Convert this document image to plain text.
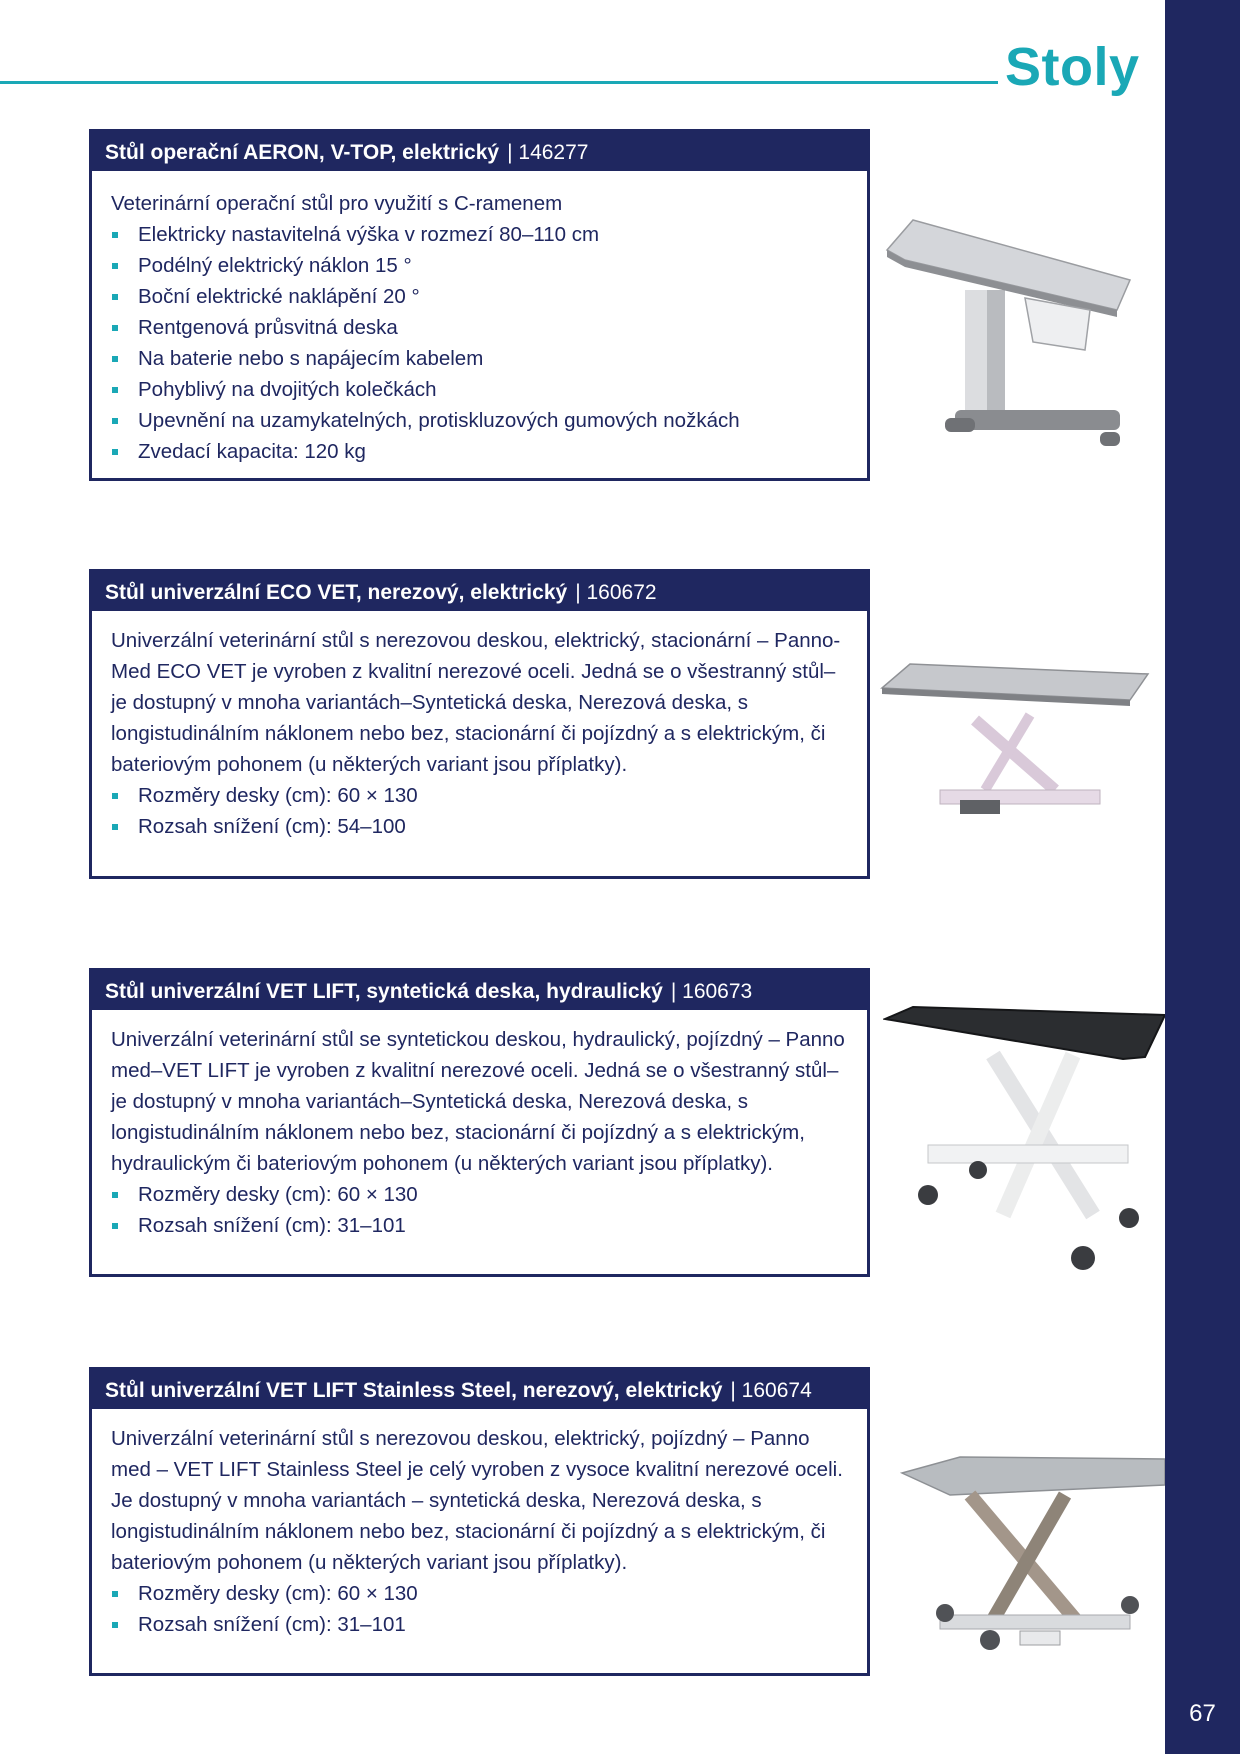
Stoly
67
Stůl operační AERON, V-TOP, elektrický | 146277

Veterinární operační stůl pro využití s C-ramenem

Elektricky nastavitelná výška v rozmezí 80–110 cm
Podélný elektrický náklon 15 °
Boční elektrické naklápění 20 °
Rentgenová průsvitná deska
Na baterie nebo s napájecím kabelem
Pohyblivý na dvojitých kolečkách
Upevnění na uzamykatelných, protiskluzových gumových nožkách
Zvedací kapacita: 120 kg
Stůl univerzální ECO VET, nerezový, elektrický | 160672

Univerzální veterinární stůl s nerezovou deskou, elektrický, stacionární – Panno-Med ECO VET je vyroben z kvalitní nerezové oceli. Jedná se o všestranný stůl–je dostupný v mnoha variantách–Syntetická deska, Nerezová deska, s longistudinálním náklonem nebo bez, stacionární či pojízdný a s elektrickým, či bateriovým pohonem (u některých variant jsou příplatky).

Rozměry desky (cm): 60 × 130
Rozsah snížení (cm): 54–100
Stůl univerzální VET LIFT, syntetická deska, hydraulický | 160673

Univerzální veterinární stůl se syntetickou deskou, hydraulický, pojízdný – Panno med–VET LIFT je vyroben z kvalitní nerezové oceli. Jedná se o všestranný stůl–je dostupný v mnoha variantách–Syntetická deska, Nerezová deska, s longistudinálním náklonem nebo bez, stacionární či pojízdný a s elektrickým, hydraulickým či bateriovým pohonem (u některých variant jsou příplatky).

Rozměry desky (cm): 60 × 130
Rozsah snížení (cm): 31–101
Stůl univerzální VET LIFT Stainless Steel, nerezový, elektrický | 160674

Univerzální veterinární stůl s nerezovou deskou, elektrický, pojízdný – Panno med – VET LIFT Stainless Steel je celý vyroben z vysoce kvalitní nerezové oceli. Je dostupný v mnoha variantách – syntetická deska, Nerezová deska, s longistudinálním náklonem nebo bez, stacionární či pojízdný a s elektrickým, či bateriovým pohonem (u některých variant jsou příplatky).

Rozměry desky (cm): 60 × 130
Rozsah snížení (cm): 31–101
